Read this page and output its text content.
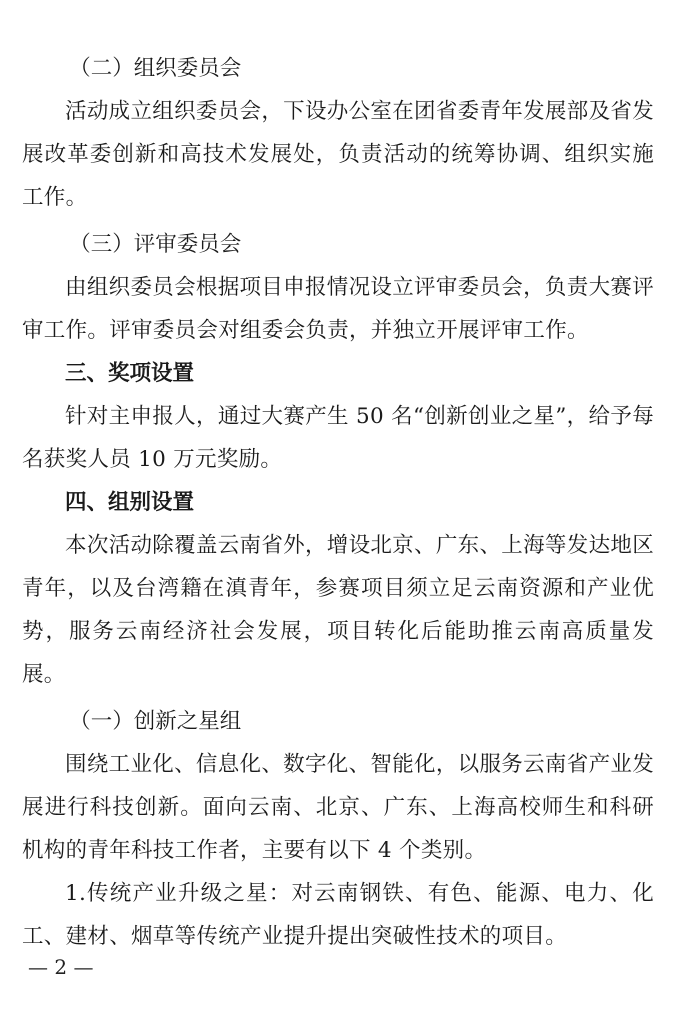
（二）组织委员会

活动成立组织委员会，下设办公室在团省委青年发展部及省发展改革委创新和高技术发展处，负责活动的统筹协调、组织实施工作。

（三）评审委员会

由组织委员会根据项目申报情况设立评审委员会，负责大赛评审工作。评审委员会对组委会负责，并独立开展评审工作。

三、奖项设置

针对主申报人，通过大赛产生 50 名“创新创业之星”，给予每名获奖人员 10 万元奖励。

四、组别设置

本次活动除覆盖云南省外，增设北京、广东、上海等发达地区青年，以及台湾籍在滇青年，参赛项目须立足云南资源和产业优势，服务云南经济社会发展，项目转化后能助推云南高质量发展。

（一）创新之星组

围绕工业化、信息化、数字化、智能化，以服务云南省产业发展进行科技创新。面向云南、北京、广东、上海高校师生和科研机构的青年科技工作者，主要有以下 4 个类别。

1.传统产业升级之星：对云南钢铁、有色、能源、电力、化工、建材、烟草等传统产业提升提出突破性技术的项目。

— 2 —
